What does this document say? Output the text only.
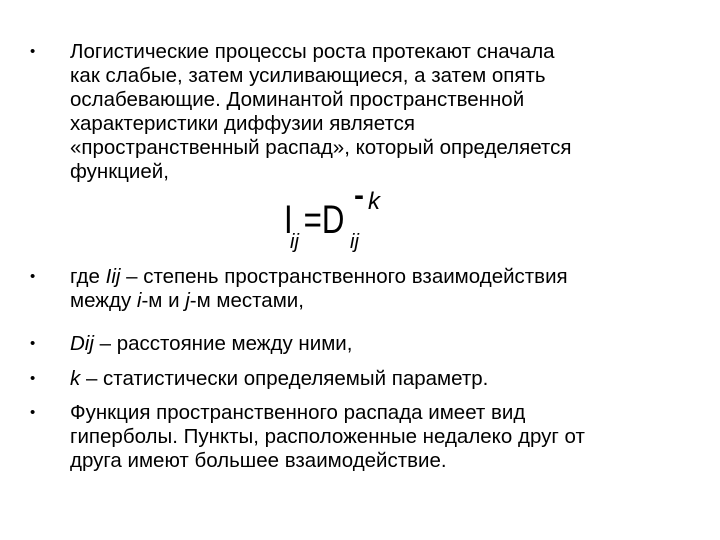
• Логистические процессы роста протекают сначала
как слабые, затем усиливающиеся, а затем опять
ослабевающие. Доминантой пространственной
характеристики диффузии является
«пространственный распад», который определяется
функцией,
I =D
ij	ij
- k
• где Iij – степень пространственного взаимодействия
между i-м и j-м местами,
• Dij – расстояние между ними,
• k – статистически определяемый параметр.
• Функция пространственного распада имеет вид
гиперболы. Пункты, расположенные недалеко друг от
друга имеют большее взаимодействие.
